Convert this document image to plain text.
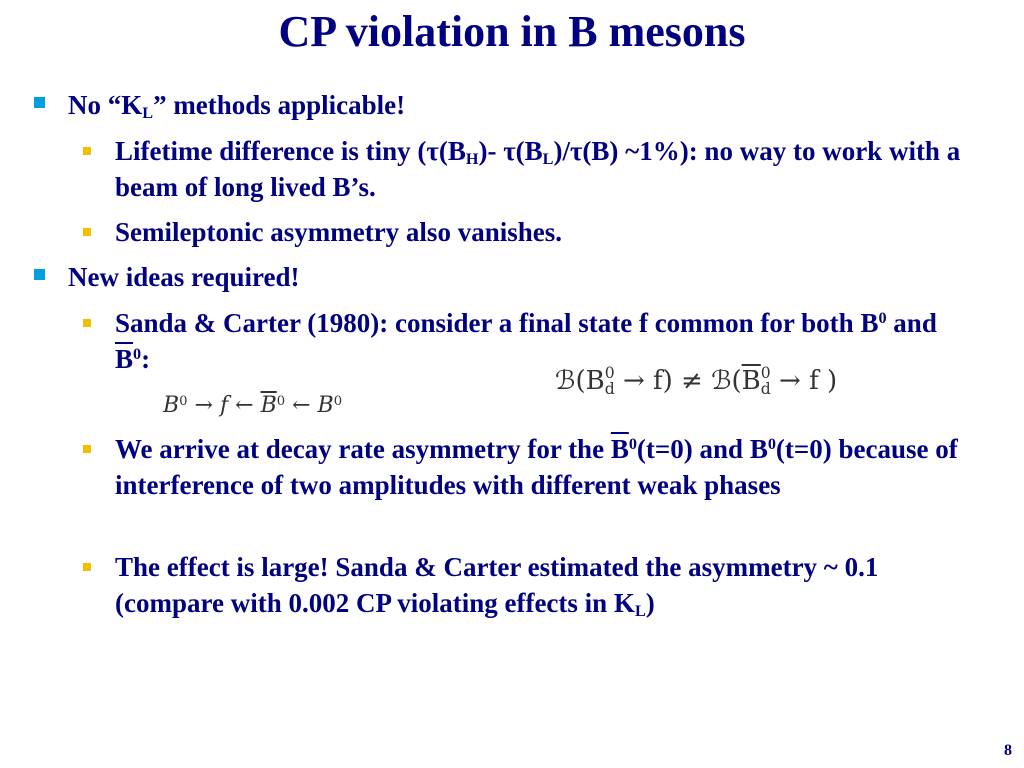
CP violation in B mesons
No “$K_L$” methods applicable!
Lifetime difference is tiny ($\tau(B_H)-$ $\tau(B_L)/\tau(B)$ ~1%): no way to work with a beam of long lived B’s.
Semileptonic asymmetry also vanishes.
New ideas required!
Sanda & Carter (1980): consider a final state f common for both $B^0$ and $\overline{B}^0$:
$B^0 \to f$ ← $\overline{B}^0$ ← $B^0$
ℬ(B 0
$d \to f) \ne ℬ(\overline{B}$ 0
d → f )
We arrive at decay rate asymmetry for the $\overline{B}^0(t=0)$ and $B^0(t=0)$ because of interference of two amplitudes with different weak phases
The effect is large! Sanda & Carter estimated the asymmetry ~ 0.1 (compare with 0.002 CP violating effects in $K_L$)
8
